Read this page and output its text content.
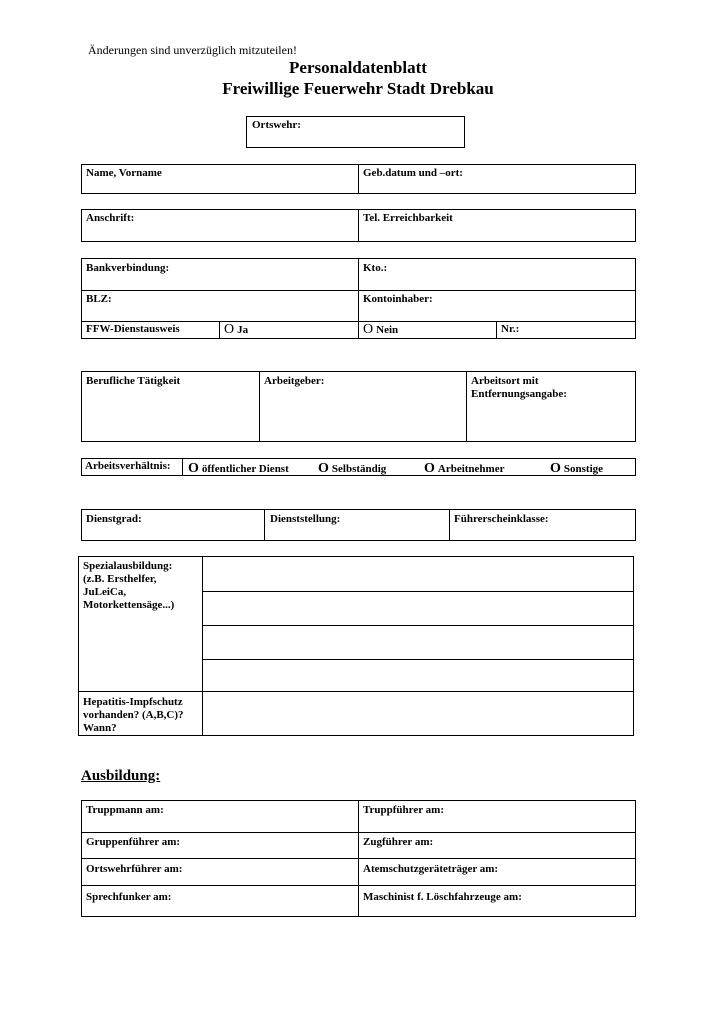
Änderungen sind unverzüglich mitzuteilen!
Personaldatenblatt
Freiwillige Feuerwehr Stadt Drebkau
Ortswehr:
Name, Vorname	Geb.datum und –ort:
Anschrift:	Tel. Erreichbarkeit
Bankverbindung:	Kto.:
BLZ:	Kontoinhaber:
FFW-Dienstausweis	O Ja	O Nein	Nr.:
Berufliche Tätigkeit	Arbeitgeber:	Arbeitsort mit
Entfernungsangabe:
Arbeitsverhältnis: O öffentlicher Dienst O Selbständig	O Arbeitnehmer	O Sonstige
Dienstgrad:	Dienststellung:	Führerscheinklasse:
Spezialausbildung:
(z.B. Ersthelfer,
JuLeiCa,
Motorkettensäge...)
Hepatitis-Impfschutz
vorhanden? (A,B,C)?
Wann?
Ausbildung:
Truppmann am:	Truppführer am:
Gruppenführer am:	Zugführer am:
Ortswehrführer am:	Atemschutzgeräteträger am:
Sprechfunker am:	Maschinist f. Löschfahrzeuge am:
